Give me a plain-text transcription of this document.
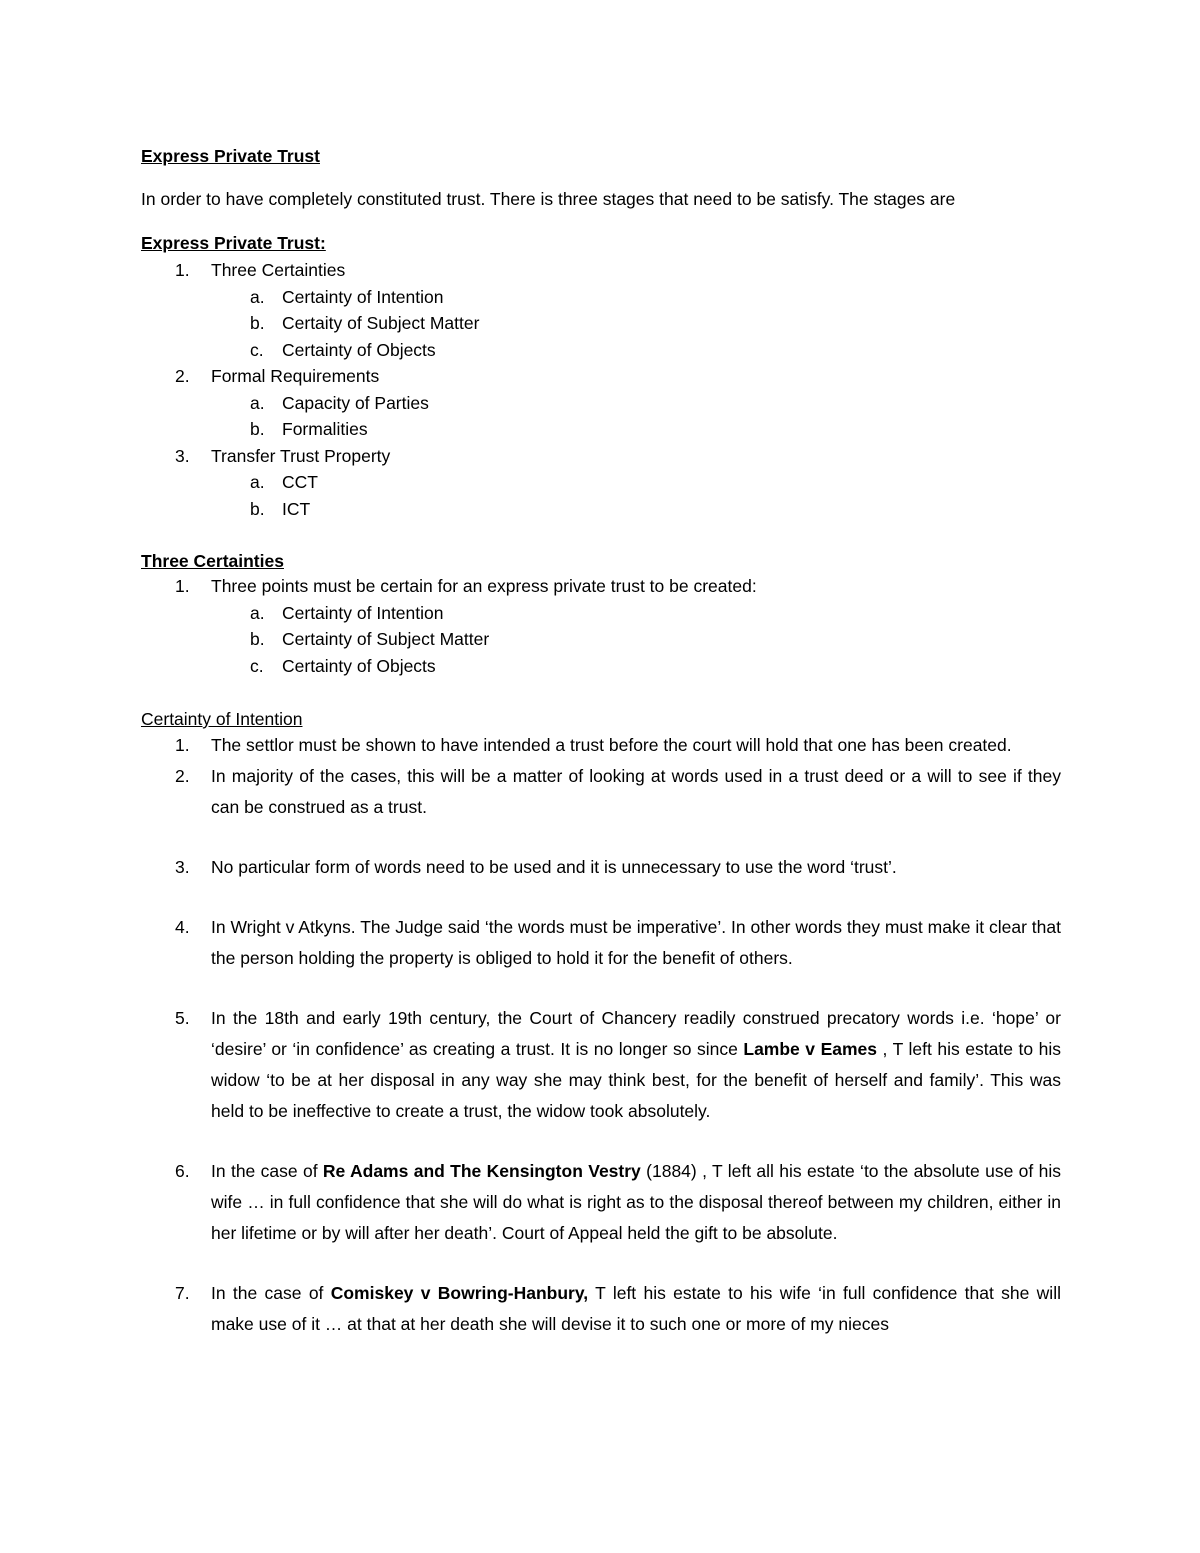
Express Private Trust

In order to have completely constituted trust. There is three stages that need to be satisfy. The stages are

Express Private Trust:

1. Three Certainties
a. Certainty of Intention
b. Certaity of Subject Matter
c. Certainty of Objects
2. Formal Requirements
a. Capacity of Parties
b. Formalities
3. Transfer Trust Property
a. CCT
b. ICT

Three Certainties

1. Three points must be certain for an express private trust to be created:
a. Certainty of Intention
b. Certainty of Subject Matter
c. Certainty of Objects

Certainty of Intention

1. The settlor must be shown to have intended a trust before the court will hold that one has been created.
2. In majority of the cases, this will be a matter of looking at words used in a trust deed or a will to see if they can be construed as a trust.
3. No particular form of words need to be used and it is unnecessary to use the word ‘trust’.
4. In Wright v Atkyns. The Judge said ‘the words must be imperative’. In other words they must make it clear that the person holding the property is obliged to hold it for the benefit of others.
5. In the 18th and early 19th century, the Court of Chancery readily construed precatory words i.e. ‘hope’ or ‘desire’ or ‘in confidence’ as creating a trust. It is no longer so since Lambe v Eames , T left his estate to his widow ‘to be at her disposal in any way she may think best, for the benefit of herself and family’. This was held to be ineffective to create a trust, the widow took absolutely.
6. In the case of Re Adams and The Kensington Vestry (1884) , T left all his estate ‘to the absolute use of his wife … in full confidence that she will do what is right as to the disposal thereof between my children, either in her lifetime or by will after her death’. Court of Appeal held the gift to be absolute.
7. In the case of Comiskey v Bowring-Hanbury, T left his estate to his wife ‘in full confidence that she will make use of it … at that at her death she will devise it to such one or more of my nieces
